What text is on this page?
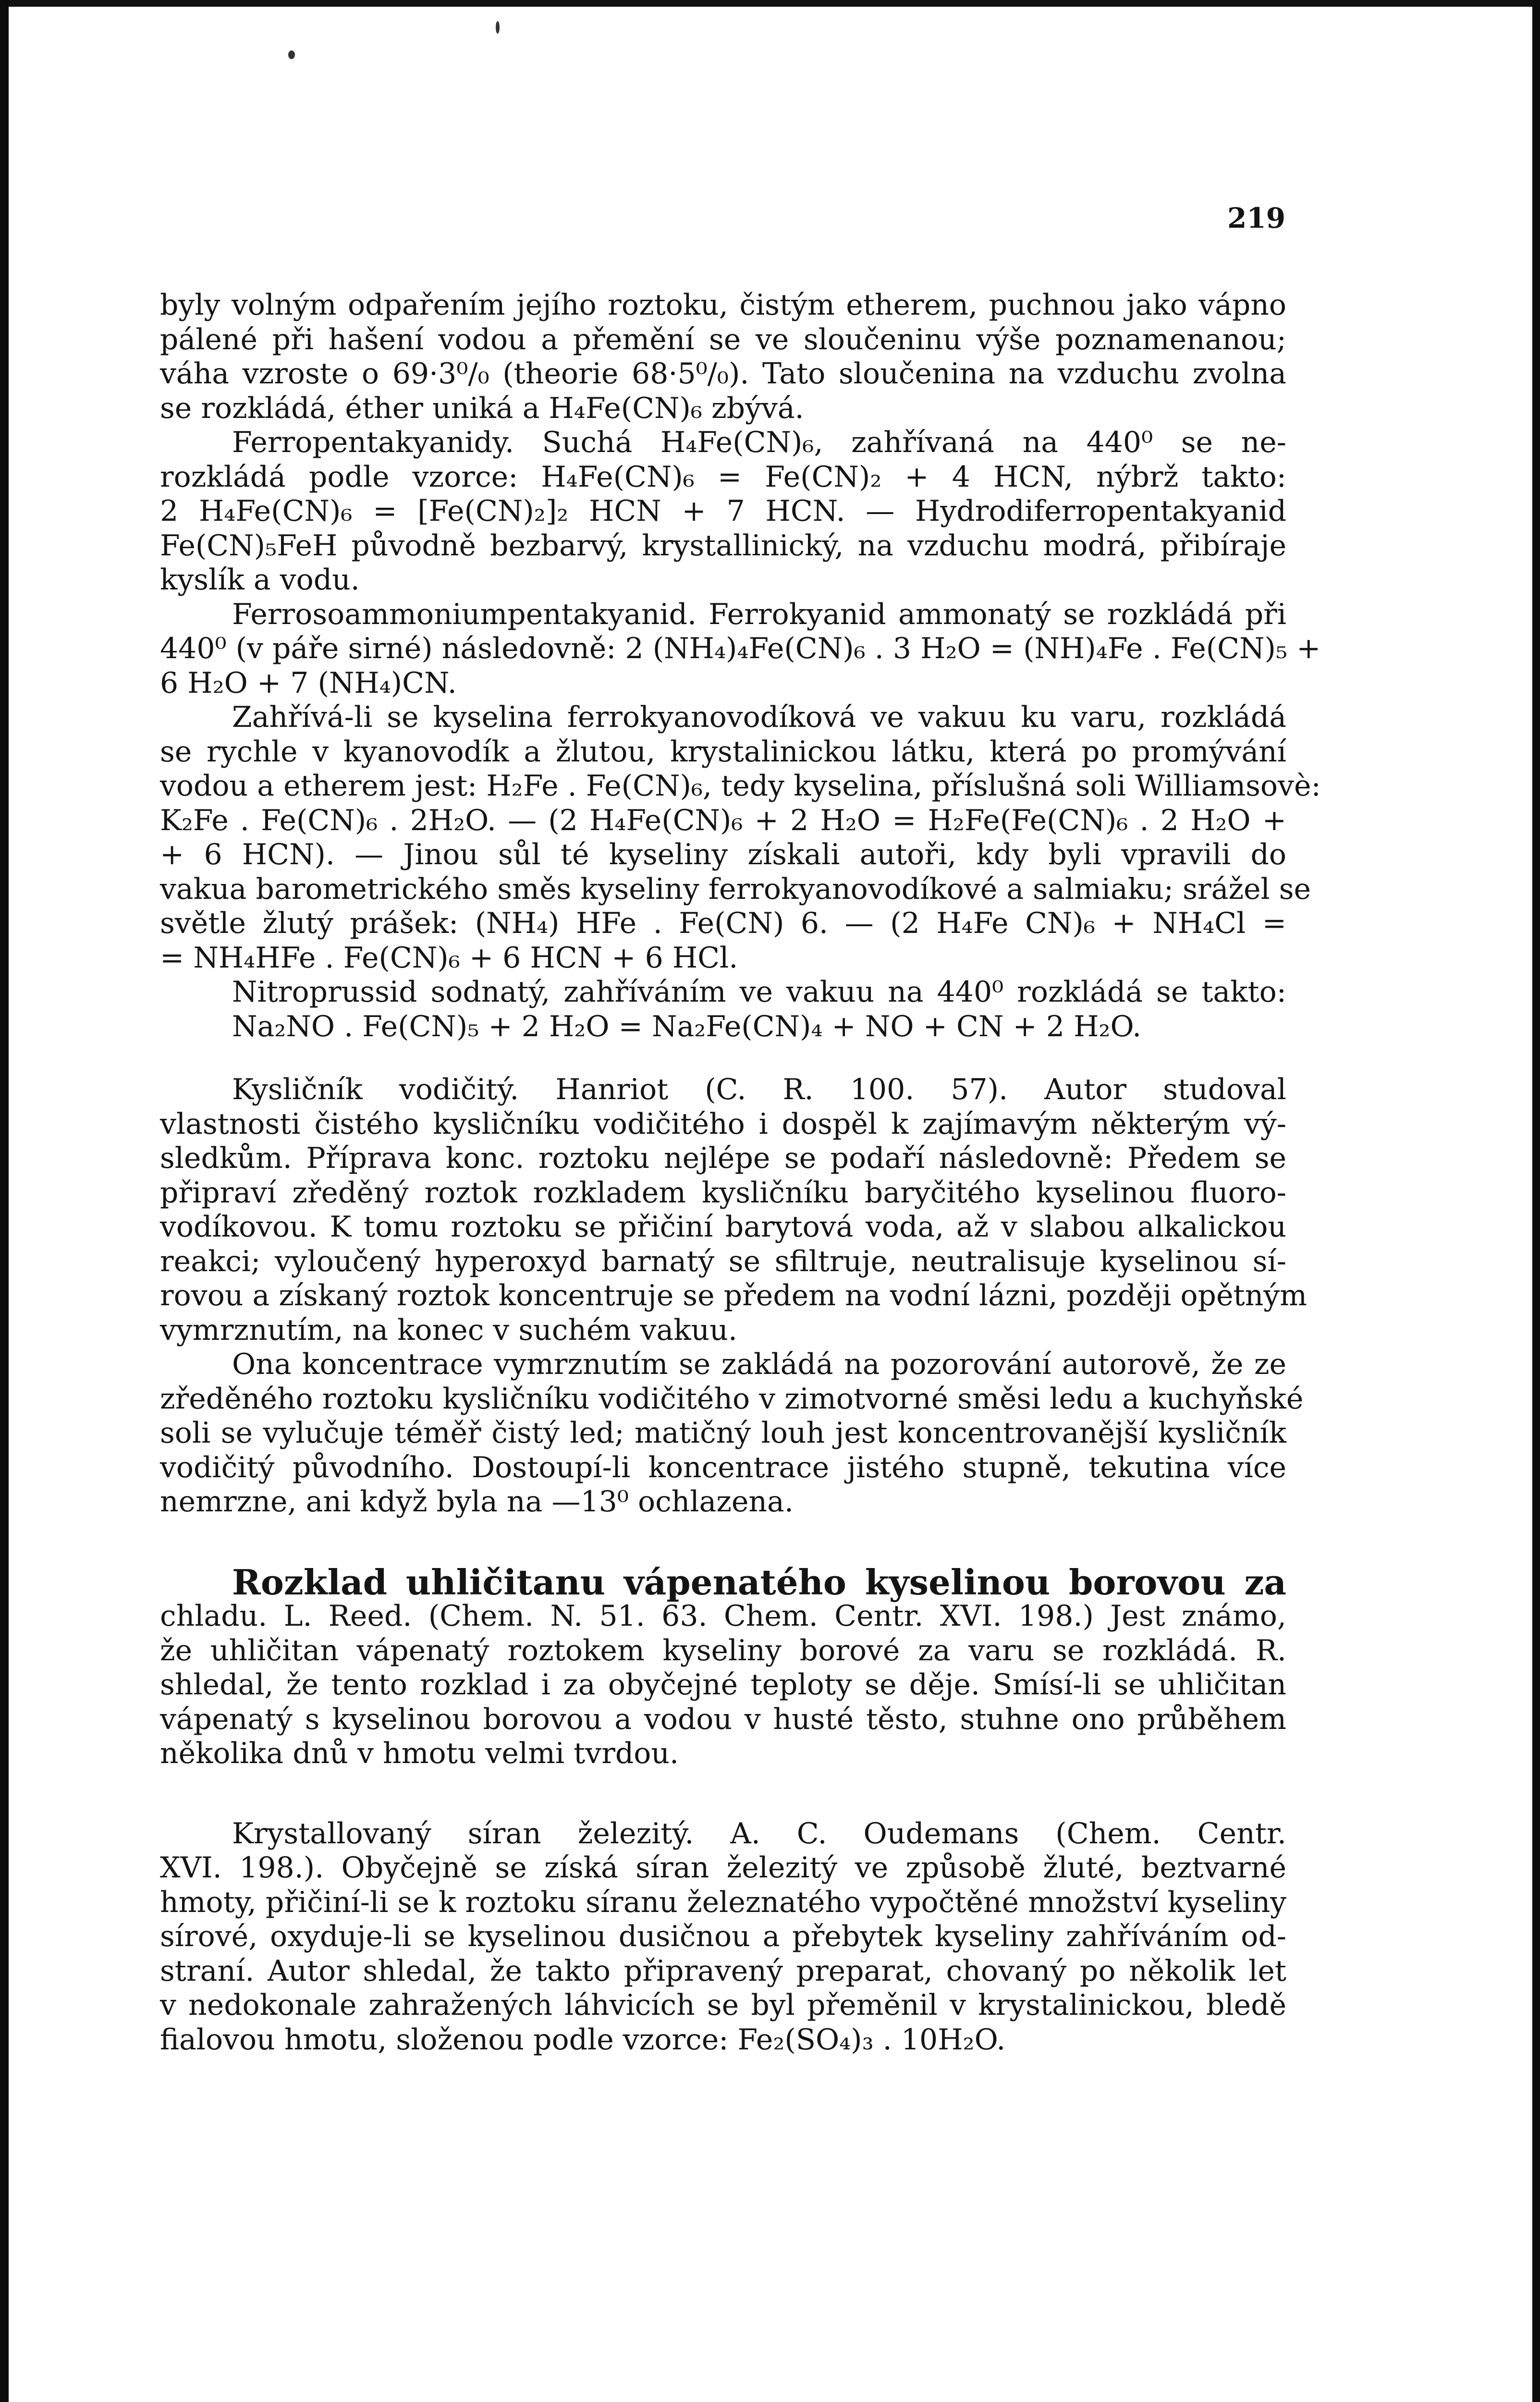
219
byly volným odpařením jejího roztoku, čistým etherem, puchnou jako vápno
pálené při hašení vodou a přemění se ve sloučeninu výše poznamenanou;
váha vzroste o 69·3⁰/₀ (theorie 68·5⁰/₀). Tato sloučenina na vzduchu zvolna
se rozkládá, éther uniká a H₄Fe(CN)₆ zbývá.
Ferropentakyanidy. Suchá H₄Fe(CN)₆, zahřívaná na 440⁰ se ne-
rozkládá podle vzorce: H₄Fe(CN)₆ = Fe(CN)₂ + 4 HCN, nýbrž takto:
2 H₄Fe(CN)₆ = [Fe(CN)₂]₂ HCN + 7 HCN. — Hydrodiferropentakyanid
Fe(CN)₅FeH původně bezbarvý, krystallinický, na vzduchu modrá, přibíraje
kyslík a vodu.
Ferrosoammoniumpentakyanid. Ferrokyanid ammonatý se rozkládá při
440⁰ (v páře sirné) následovně: 2 (NH₄)₄Fe(CN)₆ . 3 H₂O = (NH)₄Fe . Fe(CN)₅ +
6 H₂O + 7 (NH₄)CN.
Zahřívá-li se kyselina ferrokyanovodíková ve vakuu ku varu, rozkládá
se rychle v kyanovodík a žlutou, krystalinickou látku, která po promývání
vodou a etherem jest: H₂Fe . Fe(CN)₆, tedy kyselina, příslušná soli Williamsovè:
K₂Fe . Fe(CN)₆ . 2H₂O. — (2 H₄Fe(CN)₆ + 2 H₂O = H₂Fe(Fe(CN)₆ . 2 H₂O +
+ 6 HCN). — Jinou sůl té kyseliny získali autoři, kdy byli vpravili do
vakua barometrického směs kyseliny ferrokyanovodíkové a salmiaku; srážel se
světle žlutý prášek: (NH₄) HFe . Fe(CN) 6. — (2 H₄Fe CN)₆ + NH₄Cl =
= NH₄HFe . Fe(CN)₆ + 6 HCN + 6 HCl.
Nitroprussid sodnatý, zahříváním ve vakuu na 440⁰ rozkládá se takto:
Na₂NO . Fe(CN)₅ + 2 H₂O = Na₂Fe(CN)₄ + NO + CN + 2 H₂O.
Kysličník vodičitý. Hanriot (C. R. 100. 57). Autor studoval
vlastnosti čistého kysličníku vodičitého i dospěl k zajímavým některým vý-
sledkům. Příprava konc. roztoku nejlépe se podaří následovně: Předem se
připraví zředěný roztok rozkladem kysličníku baryčitého kyselinou fluoro-
vodíkovou. K tomu roztoku se přičiní barytová voda, až v slabou alkalickou
reakci; vyloučený hyperoxyd barnatý se sfiltruje, neutralisuje kyselinou sí-
rovou a získaný roztok koncentruje se předem na vodní lázni, později opětným
vymrznutím, na konec v suchém vakuu.
Ona koncentrace vymrznutím se zakládá na pozorování autorově, že ze
zředěného roztoku kysličníku vodičitého v zimotvorné směsi ledu a kuchyňské
soli se vylučuje téměř čistý led; matičný louh jest koncentrovanější kysličník
vodičitý původního. Dostoupí-li koncentrace jistého stupně, tekutina více
nemrzne, ani když byla na —13⁰ ochlazena.
Rozklad uhličitanu vápenatého kyselinou borovou za
chladu. L. Reed. (Chem. N. 51. 63. Chem. Centr. XVI. 198.) Jest známo,
že uhličitan vápenatý roztokem kyseliny borové za varu se rozkládá. R.
shledal, že tento rozklad i za obyčejné teploty se děje. Smísí-li se uhličitan
vápenatý s kyselinou borovou a vodou v husté těsto, stuhne ono průběhem
několika dnů v hmotu velmi tvrdou.
Krystallovaný síran železitý. A. C. Oudemans (Chem. Centr.
XVI. 198.). Obyčejně se získá síran železitý ve způsobě žluté, beztvarné
hmoty, přičiní-li se k roztoku síranu železnatého vypočtěné množství kyseliny
sírové, oxyduje-li se kyselinou dusičnou a přebytek kyseliny zahříváním od-
straní. Autor shledal, že takto připravený preparat, chovaný po několik let
v nedokonale zahražených láhvicích se byl přeměnil v krystalinickou, bledě
fialovou hmotu, složenou podle vzorce: Fe₂(SO₄)₃ . 10H₂O.
